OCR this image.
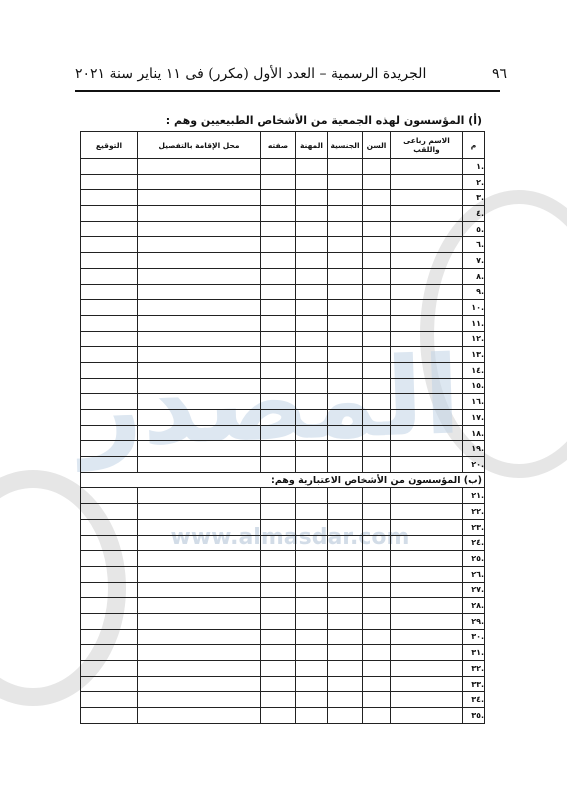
٩٦
الجريدة الرسمية – العدد الأول (مكرر) فى ١١ يناير سنة ٢٠٢١
المصدر
www.almasdar.com
(أ) المؤسسون لهذه الجمعية من الأشخاص الطبيعيين وهم :
م	الاسم رباعى واللقب	السن	الجنسية	المهنة	صفته	محل الإقامة بالتفصيل	التوقيع
.١							
.٢							
.٣							
.٤							
.٥							
.٦							
.٧							
.٨							
.٩							
.١٠							
.١١							
.١٢							
.١٣							
.١٤							
.١٥							
.١٦							
.١٧							
.١٨							
.١٩							
.٢٠							
(ب) المؤسسون من الأشخاص الاعتبارية وهم:							
.٢١							
.٢٢							
.٢٣							
.٢٤							
.٢٥							
.٢٦							
.٢٧							
.٢٨							
.٢٩							
.٣٠							
.٣١							
.٣٢							
.٣٣							
.٣٤							
.٣٥							
